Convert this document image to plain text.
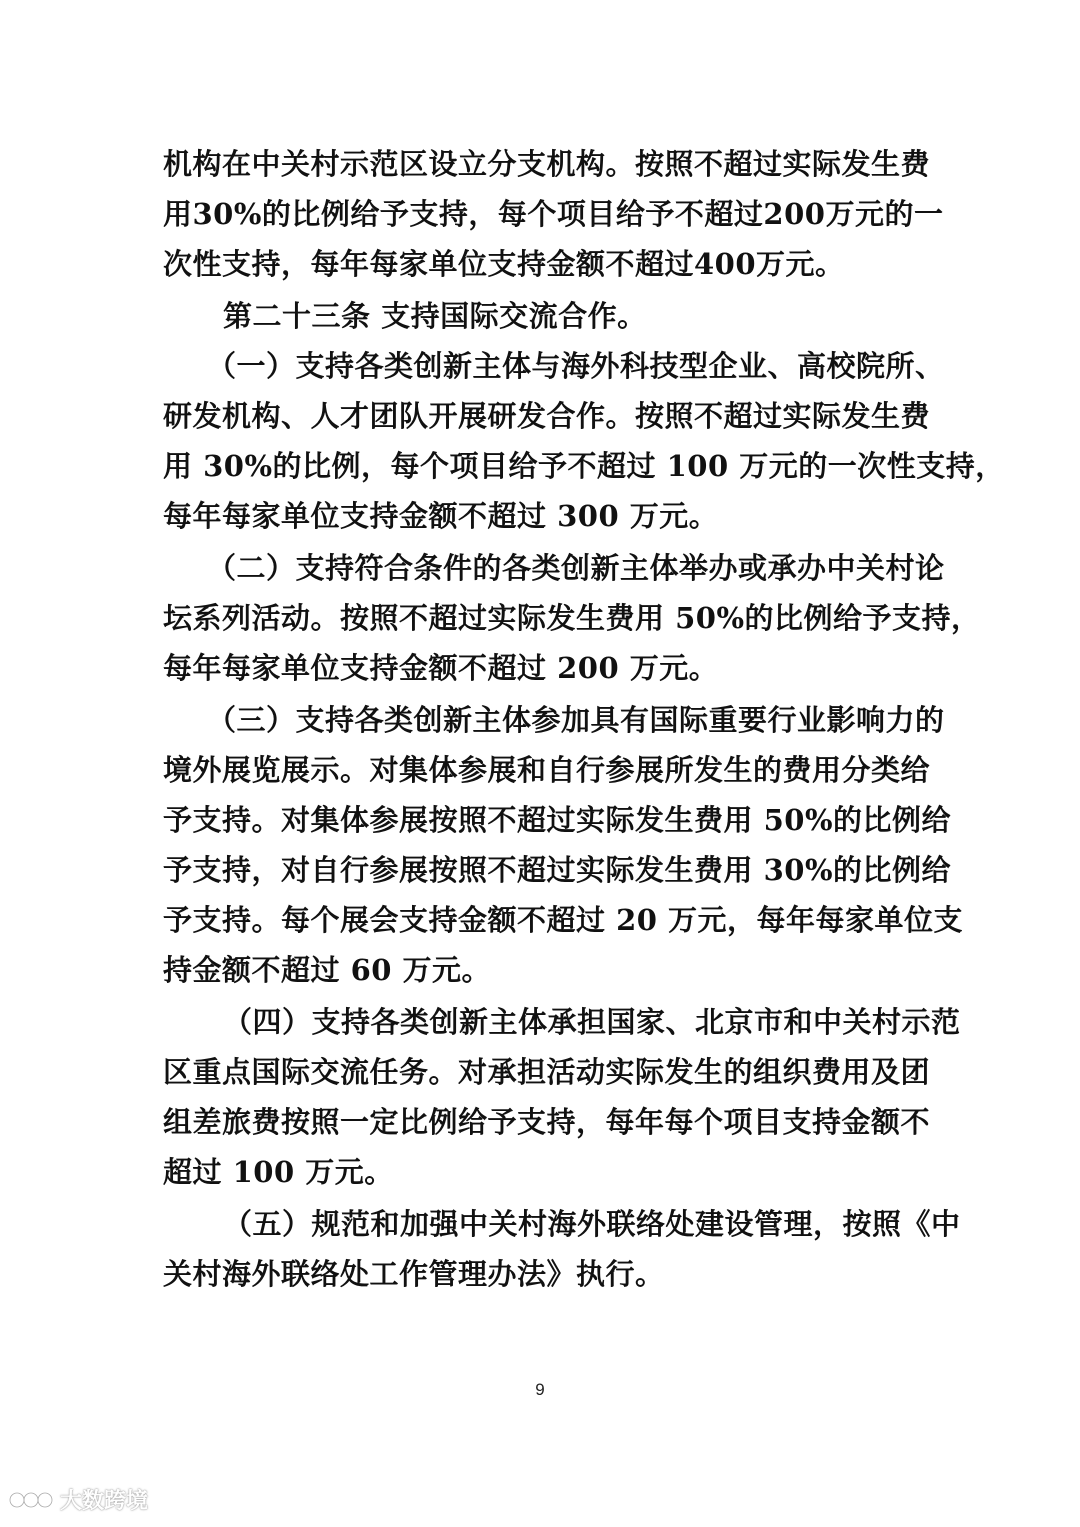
机构在中关村示范区设立分支机构。按照不超过实际发生费
用30%的比例给予支持，每个项目给予不超过200万元的一
次性支持，每年每家单位支持金额不超过400万元。
第二十三条 支持国际交流合作。
（一）支持各类创新主体与海外科技型企业、高校院所、
研发机构、人才团队开展研发合作。按照不超过实际发生费
用 30%的比例，每个项目给予不超过 100 万元的一次性支持，
每年每家单位支持金额不超过 300 万元。
（二）支持符合条件的各类创新主体举办或承办中关村论
坛系列活动。按照不超过实际发生费用 50%的比例给予支持，
每年每家单位支持金额不超过 200 万元。
（三）支持各类创新主体参加具有国际重要行业影响力的
境外展览展示。对集体参展和自行参展所发生的费用分类给
予支持。对集体参展按照不超过实际发生费用 50%的比例给
予支持，对自行参展按照不超过实际发生费用 30%的比例给
予支持。每个展会支持金额不超过 20 万元，每年每家单位支
持金额不超过 60 万元。
（四）支持各类创新主体承担国家、北京市和中关村示范
区重点国际交流任务。对承担活动实际发生的组织费用及团
组差旅费按照一定比例给予支持，每年每个项目支持金额不
超过 100 万元。
（五）规范和加强中关村海外联络处建设管理，按照《中
关村海外联络处工作管理办法》执行。
9
大数跨境
